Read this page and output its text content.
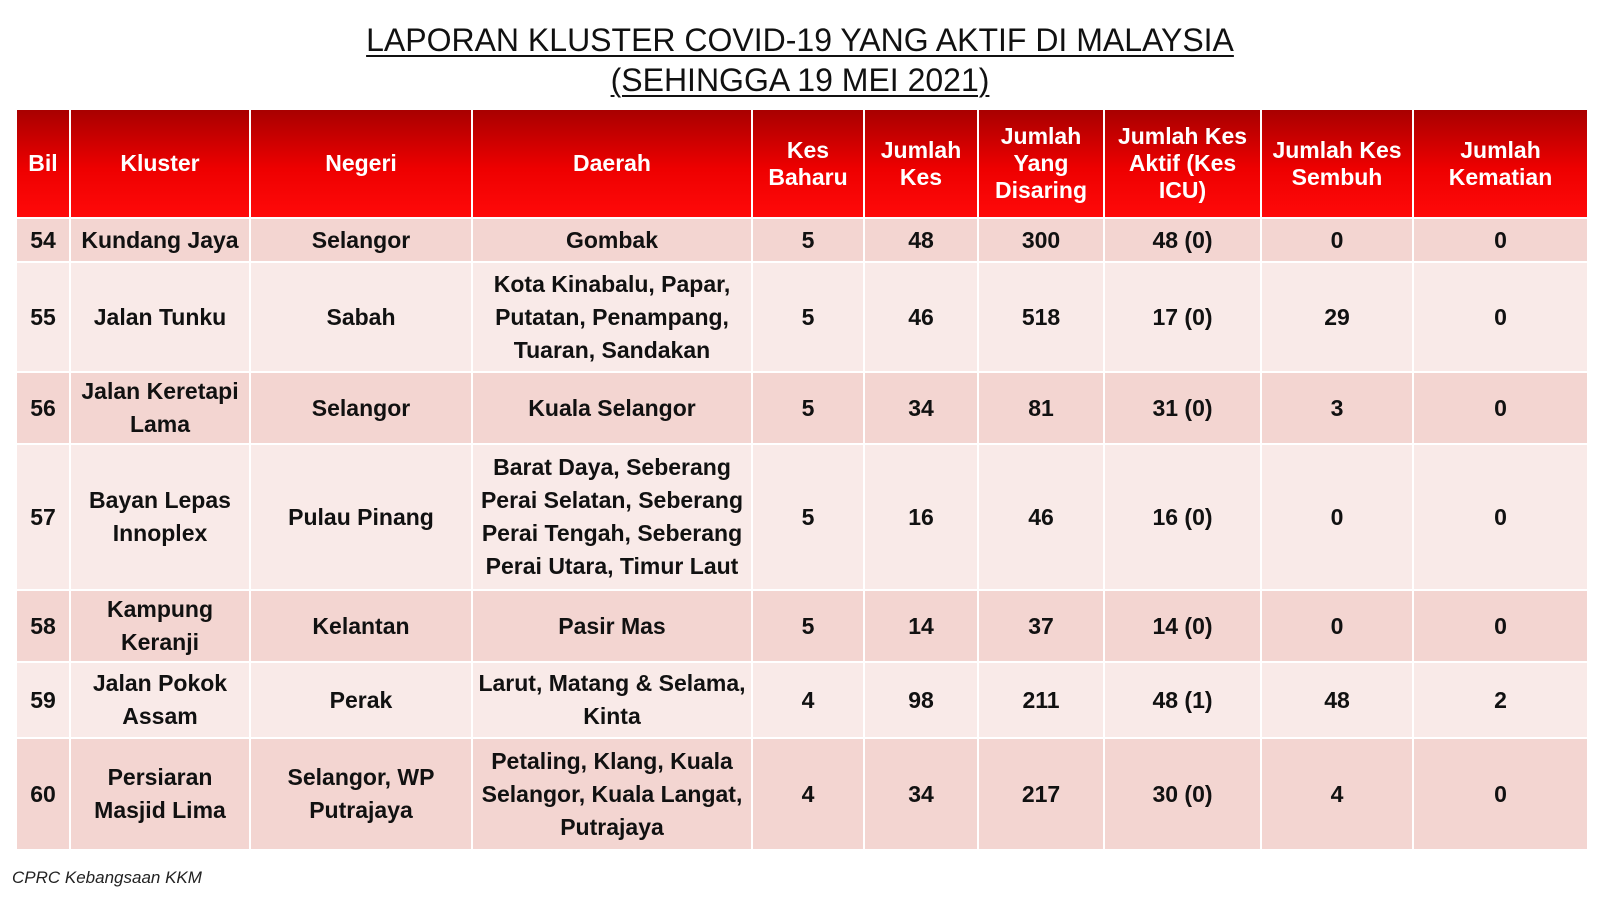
LAPORAN KLUSTER COVID-19 YANG AKTIF DI MALAYSIA
(SEHINGGA 19 MEI 2021)
Bil	Kluster	Negeri	Daerah	Kes Baharu	Jumlah Kes	Jumlah Yang Disaring	Jumlah Kes Aktif (Kes ICU)	Jumlah Kes Sembuh	Jumlah Kematian
54	Kundang Jaya	Selangor	Gombak	5	48	300	48 (0)	0	0
55	Jalan Tunku	Sabah	Kota Kinabalu, Papar, Putatan, Penampang, Tuaran, Sandakan	5	46	518	17 (0)	29	0
56	Jalan Keretapi Lama	Selangor	Kuala Selangor	5	34	81	31 (0)	3	0
57	Bayan Lepas Innoplex	Pulau Pinang	Barat Daya, Seberang Perai Selatan, Seberang Perai Tengah, Seberang Perai Utara, Timur Laut	5	16	46	16 (0)	0	0
58	Kampung Keranji	Kelantan	Pasir Mas	5	14	37	14 (0)	0	0
59	Jalan Pokok Assam	Perak	Larut, Matang & Selama, Kinta	4	98	211	48 (1)	48	2
60	Persiaran Masjid Lima	Selangor, WP Putrajaya	Petaling, Klang, Kuala Selangor, Kuala Langat, Putrajaya	4	34	217	30 (0)	4	0
CPRC Kebangsaan KKM
